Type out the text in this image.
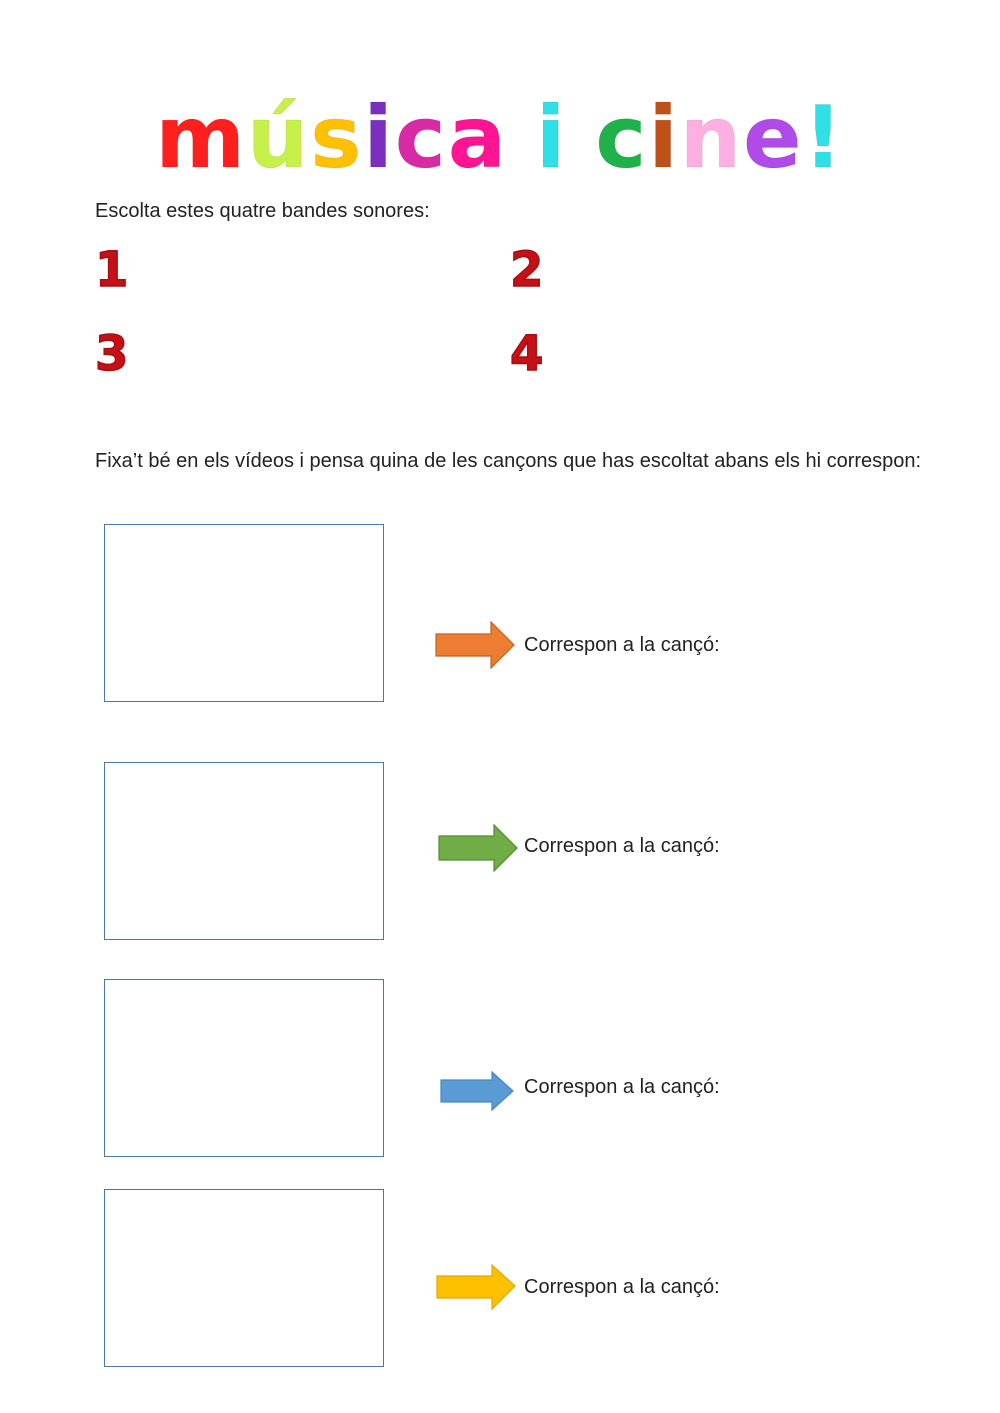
música i cine!
Escolta estes quatre bandes sonores:
1	2
3	4
Fixa’t bé en els vídeos i pensa quina de les cançons que has escoltat abans els hi correspon:
Correspon a la cançó:
Correspon a la cançó:
Correspon a la cançó:
Correspon a la cançó:
